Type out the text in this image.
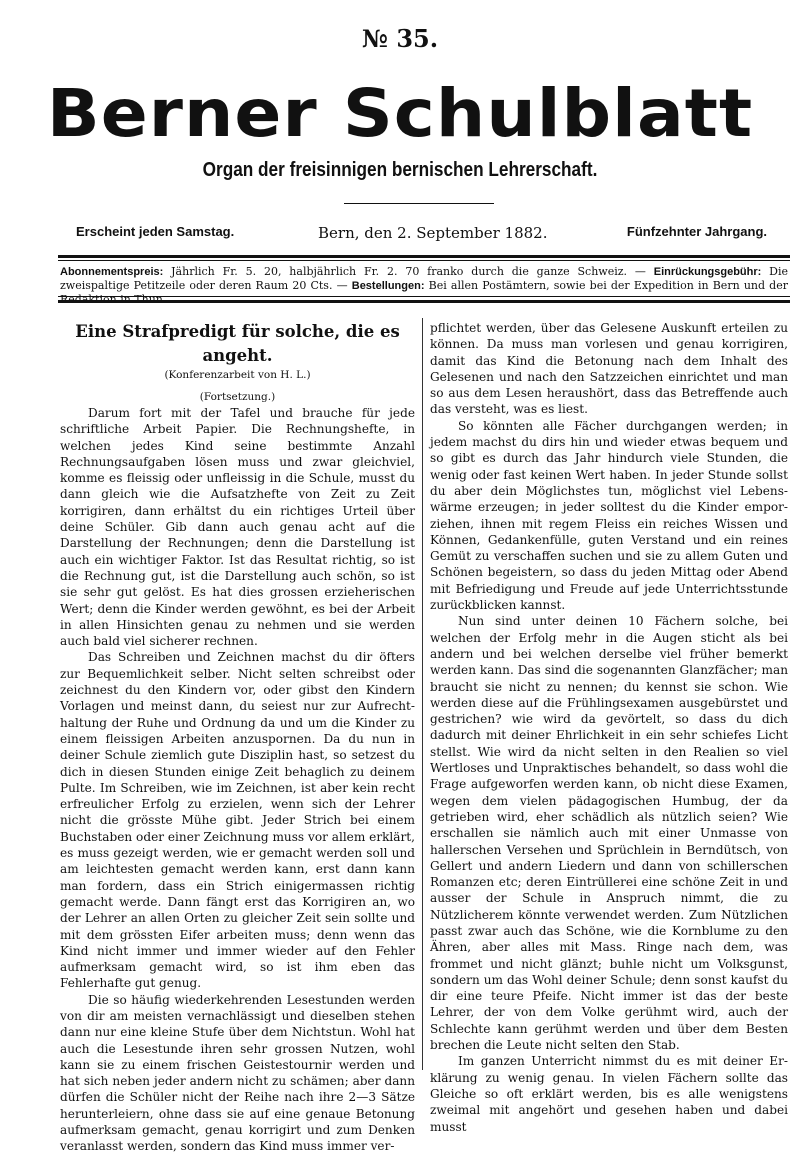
№ 35.
Berner Schulblatt
Organ der freisinnigen bernischen Lehrerschaft.
Erscheint jeden Samstag.	Bern, den 2. September 1882.	Fünfzehnter Jahrgang.
Abonnementspreis: Jährlich Fr. 5. 20, halbjährlich Fr. 2. 70 franko durch die ganze Schweiz. — Einrückungsgebühr: Die zweispaltige Petitzeile oder deren Raum 20 Cts. — Bestellungen: Bei allen Postämtern, sowie bei der Expedition in Bern und der Redaktion in Thun.
Eine Strafpredigt für solche, die es angeht.
(Konferenzarbeit von H. L.)
(Fortsetzung.)

Darum fort mit der Tafel und brauche für jede schriftliche Arbeit Papier. Die Rechnungshefte, in welchen jedes Kind seine bestimmte Anzahl Rechnungsaufgaben lösen muss und zwar gleichviel, komme es fleissig oder unfleissig in die Schule, musst du dann gleich wie die Aufsatzhefte von Zeit zu Zeit korrigiren, dann erhältst du ein richtiges Urteil über deine Schüler. Gib dann auch genau acht auf die Darstellung der Rechnungen; denn die Darstellung ist auch ein wichtiger Faktor. Ist das Resultat richtig, so ist die Rechnung gut, ist die Darstellung auch schön, so ist sie sehr gut gelöst. Es hat dies grossen erzieherischen Wert; denn die Kinder werden gewöhnt, es bei der Arbeit in allen Hinsichten genau zu nehmen und sie werden auch bald viel sicherer rechnen.

Das Schreiben und Zeichnen machst du dir öfters zur Bequemlichkeit selber. Nicht selten schreibst oder zeichnest du den Kindern vor, oder gibst den Kindern Vorlagen und meinst dann, du seiest nur zur Aufrechthaltung der Ruhe und Ordnung da und um die Kinder zu einem fleissigen Arbeiten anzuspornen. Da du nun in deiner Schule ziemlich gute Disziplin hast, so setzest du dich in diesen Stunden einige Zeit behaglich zu deinem Pulte. Im Schreiben, wie im Zeichnen, ist aber kein recht erfreulicher Erfolg zu erzielen, wenn sich der Lehrer nicht die grösste Mühe gibt. Jeder Strich bei einem Buchstaben oder einer Zeichnung muss vor allem erklärt, es muss gezeigt werden, wie er gemacht werden soll und am leichtesten gemacht werden kann, erst dann kann man fordern, dass ein Strich einigermassen richtig gemacht werde. Dann fängt erst das Korrigiren an, wo der Lehrer an allen Orten zu gleicher Zeit sein sollte und mit dem grössten Eifer arbeiten muss; denn wenn das Kind nicht immer und immer wieder auf den Fehler aufmerksam gemacht wird, so ist ihm eben das Fehlerhafte gut genug.

Die so häufig wiederkehrenden Lesestunden werden von dir am meisten vernachlässigt und dieselben stehen dann nur eine kleine Stufe über dem Nichtstun. Wohl hat auch die Lesestunde ihren sehr grossen Nutzen, wohl kann sie zu einem frischen Geistestournir werden und hat sich neben jeder andern nicht zu schämen; aber dann dürfen die Schüler nicht der Reihe nach ihre 2—3 Sätze herunterleiern, ohne dass sie auf eine genaue Betonung aufmerksam gemacht, genau korrigirt und zum Denken veranlasst werden, sondern das Kind muss immer ver-

pflichtet werden, über das Gelesene Auskunft erteilen zu können. Da muss man vorlesen und genau korrigiren, damit das Kind die Betonung nach dem Inhalt des Gelesenen und nach den Satzzeichen einrichtet und man so aus dem Lesen heraushört, dass das Betreffende auch das versteht, was es liest.

So könnten alle Fächer durchgangen werden; in jedem machst du dirs hin und wieder etwas bequem und so gibt es durch das Jahr hindurch viele Stunden, die wenig oder fast keinen Wert haben. In jeder Stunde sollst du aber dein Möglichstes tun, möglichst viel Lebenswärme erzeugen; in jeder solltest du die Kinder emporziehen, ihnen mit regem Fleiss ein reiches Wissen und Können, Gedankenfülle, guten Verstand und ein reines Gemüt zu verschaffen suchen und sie zu allem Guten und Schönen begeistern, so dass du jeden Mittag oder Abend mit Befriedigung und Freude auf jede Unterrichtsstunde zurückblicken kannst.

Nun sind unter deinen 10 Fächern solche, bei welchen der Erfolg mehr in die Augen sticht als bei andern und bei welchen derselbe viel früher bemerkt werden kann. Das sind die sogenannten Glanzfächer; man braucht sie nicht zu nennen; du kennst sie schon. Wie werden diese auf die Frühlingsexamen ausgebürstet und gestrichen? wie wird da gevörtelt, so dass du dich dadurch mit deiner Ehrlichkeit in ein sehr schiefes Licht stellst. Wie wird da nicht selten in den Realien so viel Wertloses und Unpraktisches behandelt, so dass wohl die Frage aufgeworfen werden kann, ob nicht diese Examen, wegen dem vielen pädagogischen Humbug, der da getrieben wird, eher schädlich als nützlich seien? Wie erschallen sie nämlich auch mit einer Unmasse von hallerschen Versehen und Sprüchlein in Berndütsch, von Gellert und andern Liedern und dann von schillerschen Romanzen etc; deren Eintrüllerei eine schöne Zeit in und ausser der Schule in Anspruch nimmt, die zu Nützlicherem könnte verwendet werden. Zum Nützlichen passt zwar auch das Schöne, wie die Kornblume zu den Ähren, aber alles mit Mass. Ringe nach dem, was frommet und nicht glänzt; buhle nicht um Volksgunst, sondern um das Wohl deiner Schule; denn sonst kaufst du dir eine teure Pfeife. Nicht immer ist das der beste Lehrer, der von dem Volke gerühmt wird, auch der Schlechte kann gerühmt werden und über dem Besten brechen die Leute nicht selten den Stab.

Im ganzen Unterricht nimmst du es mit deiner Erklärung zu wenig genau. In vielen Fächern sollte das Gleiche so oft erklärt werden, bis es alle wenigstens zweimal mit angehört und gesehen haben und dabei musst
